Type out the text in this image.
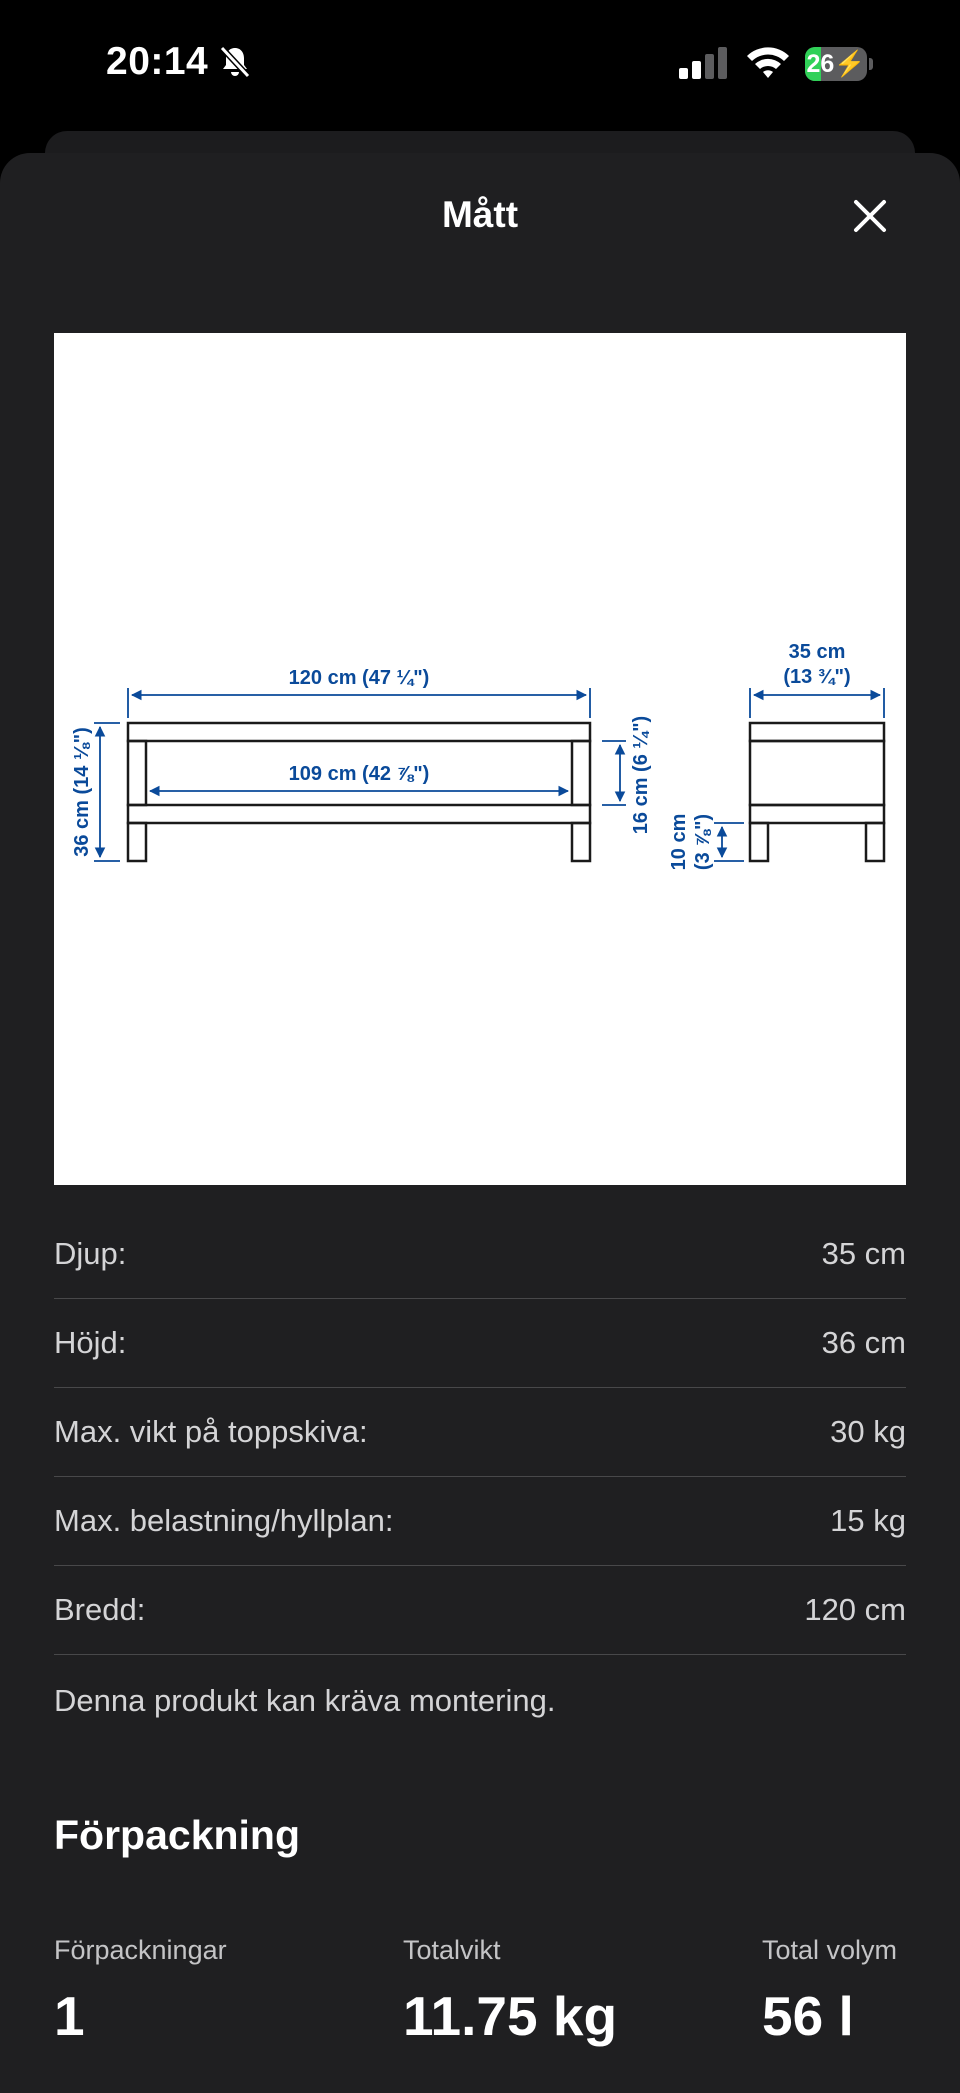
20:14	26⚡
Mått
120 cm (47 ¼")
109 cm (42 ⅞")
36 cm (14 ⅛")	16 cm (6 ¼")
35 cm
(13 ¾")
10 cm (3 ⅞")
Djup:	35 cm
Höjd:	36 cm
Max. vikt på toppskiva:	30 kg
Max. belastning/hyllplan:	15 kg
Bredd:	120 cm
Denna produkt kan kräva montering.
Förpackning
Förpackningar
1
Totalvikt
11.75 kg
Total volym
56 l
